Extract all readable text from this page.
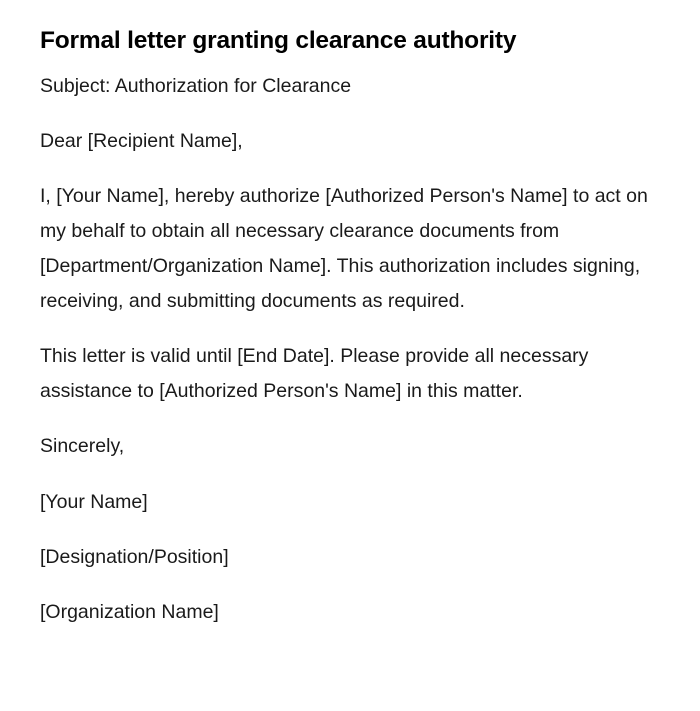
Formal letter granting clearance authority

Subject: Authorization for Clearance

Dear [Recipient Name],

I, [Your Name], hereby authorize [Authorized Person's Name] to act on my behalf to obtain all necessary clearance documents from [Department/Organization Name]. This authorization includes signing, receiving, and submitting documents as required.

This letter is valid until [End Date]. Please provide all necessary assistance to [Authorized Person's Name] in this matter.

Sincerely,

[Your Name]

[Designation/Position]

[Organization Name]
